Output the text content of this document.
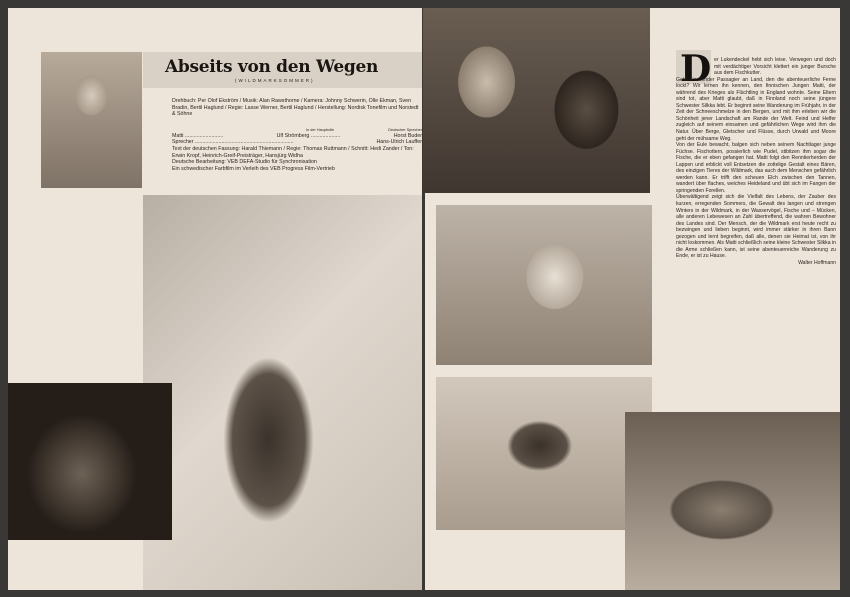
Abseits von den Wegen
(WILDMARKSOMMER)
Drehbuch: Per Olof Ekström / Musik: Alan Rawsthorne / Kamera: Johnny Schwerin, Olle Ekman, Sven Bradin, Bertil Haglund / Regie: Lasse Werner, Bertil Haglund / Herstellung: Nordisk Tonefilm und Norstedt & Söhne
In der Hauptrolle	Deutscher Sprecher
Matti ..........................	Ulf Strömberg ....................	Horst Buder
Sprecher ...................................................................	Hans-Ulrich Lauffer
Text der deutschen Fassung: Harald Thiemann / Regie: Thomas Ruttmann / Schnitt: Hedi Zander / Ton: Erwin Kropf, Heinrich-Greif-Preisträger, Hansjürg Widha
Deutsche Bearbeitung: VEB DEFA-Studio für Synchronisation
Ein schwedischer Farbfilm im Verleih des VEB Progress Film-Vertrieb
D er Lukendeckel hebt sich leise. Verwegen und doch mit verdächtiger Vorsicht klettert ein junger Bursche aus dem Fischkutter.
Geht ein blinder Passagier an Land, den die abenteuerliche Ferne lockt? Wir lernen ihn kennen, den finnischen Jungen Matti, der während des Krieges als Flüchtling in England wohnte. Seine Eltern sind tot, aber Matti glaubt, daß in Finnland noch seine jüngere Schwester Silkka lebt. Er beginnt seine Wanderung im Frühjahr, in der Zeit der Schneeschmelze in den Bergen, und mit ihm erleben wir die Schönheit jener Landschaft am Rande der Welt. Feind und Helfer zugleich auf seinem einsamen und gefährlichen Wege wird ihm die Natur. Über Berge, Gletscher und Flüsse, durch Urwald und Moore geht der mühsame Weg.
Von der Eule bewacht, balgen sich neben seinem Nachtlager junge Füchse. Fischottern, possierlich wie Pudel, stibitzen ihm sogar die Fische, die er eben gefangen hat. Matti folgt den Renntierherden der Lappen und erblickt voll Entsetzen die zottelige Gestalt eines Bären, des einzigen Tieres der Wildmark, das auch dem Menschen gefährlich werden kann. Er trifft den scheuen Elch zwischen den Tannen, wandert über flaches, weiches Heideland und übt sich im Fangen der springenden Forellen.
Überwältigend zeigt sich die Vielfalt des Lebens, der Zauber des kurzen, erregenden Sommers, die Gewalt des langen und strengen Winters in der Wildmark, in der Wasservögel, Fische und – Mücken, alle anderen Lebewesen an Zahl übertreffend, die wahren Bewohner des Landes sind. Der Mensch, der die Wildmark erst heute recht zu bezwingen und lieben beginnt, wird immer stärker in ihren Bann gezogen und lernt begreifen, daß alle, denen sie Heimat ist, von ihr nicht loskommen. Als Matti schließlich seine kleine Schwester Silkka in die Arme schließen kann, ist seine abenteuerreiche Wanderung zu Ende, er ist zu Hause.
Walter Hoffmann
